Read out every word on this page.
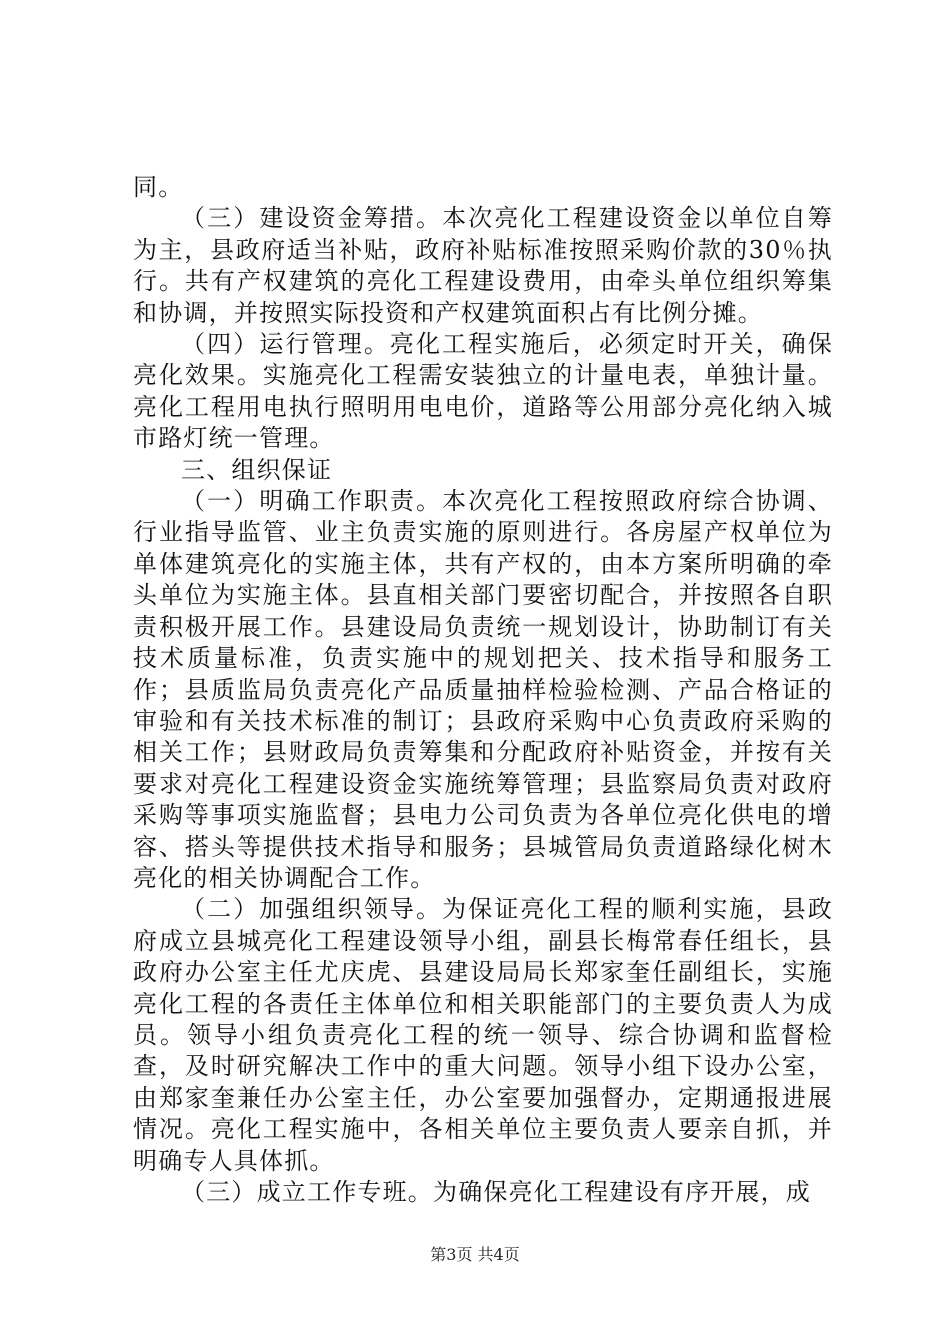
同。

（三）建设资金筹措。本次亮化工程建设资金以单位自筹为主，县政府适当补贴，政府补贴标准按照采购价款的30％执行。共有产权建筑的亮化工程建设费用，由牵头单位组织筹集和协调，并按照实际投资和产权建筑面积占有比例分摊。

（四）运行管理。亮化工程实施后，必须定时开关，确保亮化效果。实施亮化工程需安装独立的计量电表，单独计量。亮化工程用电执行照明用电电价，道路等公用部分亮化纳入城市路灯统一管理。

三、组织保证

（一）明确工作职责。本次亮化工程按照政府综合协调、行业指导监管、业主负责实施的原则进行。各房屋产权单位为单体建筑亮化的实施主体，共有产权的，由本方案所明确的牵头单位为实施主体。县直相关部门要密切配合，并按照各自职责积极开展工作。县建设局负责统一规划设计，协助制订有关技术质量标准，负责实施中的规划把关、技术指导和服务工作；县质监局负责亮化产品质量抽样检验检测、产品合格证的审验和有关技术标准的制订；县政府采购中心负责政府采购的相关工作；县财政局负责筹集和分配政府补贴资金，并按有关要求对亮化工程建设资金实施统筹管理；县监察局负责对政府采购等事项实施监督；县电力公司负责为各单位亮化供电的增容、搭头等提供技术指导和服务；县城管局负责道路绿化树木亮化的相关协调配合工作。

（二）加强组织领导。为保证亮化工程的顺利实施，县政府成立县城亮化工程建设领导小组，副县长梅常春任组长，县政府办公室主任尤庆虎、县建设局局长郑家奎任副组长，实施亮化工程的各责任主体单位和相关职能部门的主要负责人为成员。领导小组负责亮化工程的统一领导、综合协调和监督检查，及时研究解决工作中的重大问题。领导小组下设办公室，由郑家奎兼任办公室主任，办公室要加强督办，定期通报进展情况。亮化工程实施中，各相关单位主要负责人要亲自抓，并明确专人具体抓。

（三）成立工作专班。为确保亮化工程建设有序开展，成

第3页 共4页
